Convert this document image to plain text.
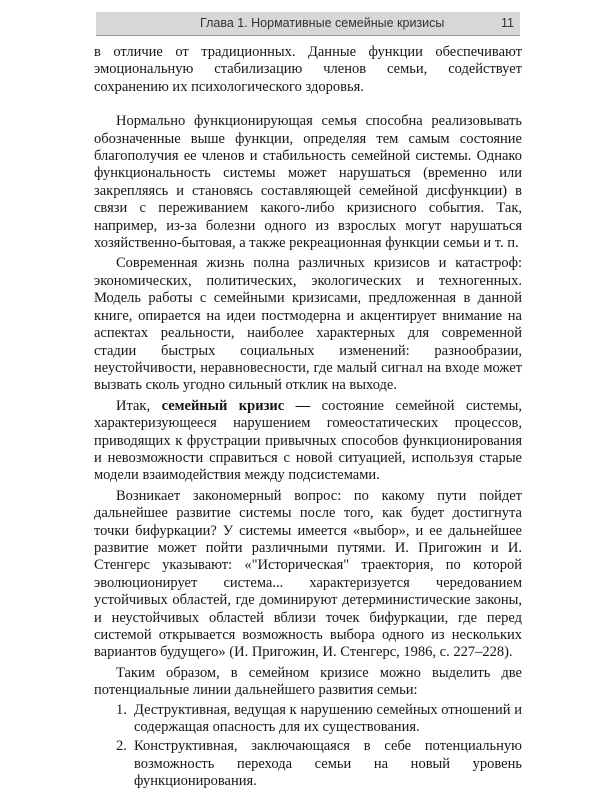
Глава 1. Нормативные семейные кризисы	11

в отличие от традиционных. Данные функции обеспечивают эмоциональную стабилизацию членов семьи, содействует сохранению их психологического здоровья.

Нормально функционирующая семья способна реализовывать обозначенные выше функции, определяя тем самым состояние благополучия ее членов и стабильность семейной системы. Однако функциональность системы может нарушаться (временно или закрепляясь и становясь составляющей семейной дисфункции) в связи с переживанием какого-либо кризисного события. Так, например, из-за болезни одного из взрослых могут нарушаться хозяйственно-бытовая, а также рекреационная функции семьи и т. п.

Современная жизнь полна различных кризисов и катастроф: экономических, политических, экологических и техногенных. Модель работы с семейными кризисами, предложенная в данной книге, опирается на идеи постмодерна и акцентирует внимание на аспектах реальности, наиболее характерных для современной стадии быстрых социальных изменений: разнообразии, неустойчивости, неравновесности, где малый сигнал на входе может вызвать сколь угодно сильный отклик на выходе.

Итак, семейный кризис — состояние семейной системы, характеризующееся нарушением гомеостатических процессов, приводящих к фрустрации привычных способов функционирования и невозможности справиться с новой ситуацией, используя старые модели взаимодействия между подсистемами.

Возникает закономерный вопрос: по какому пути пойдет дальнейшее развитие системы после того, как будет достигнута точки бифуркации? У системы имеется «выбор», и ее дальнейшее развитие может пойти различными путями. И. Пригожин и И. Стенгерс указывают: «"Историческая" траектория, по которой эволюционирует система... характеризуется чередованием устойчивых областей, где доминируют детерминистические законы, и неустойчивых областей вблизи точек бифуркации, где перед системой открывается возможность выбора одного из нескольких вариантов будущего» (И. Пригожин, И. Стенгерс, 1986, с. 227–228).

Таким образом, в семейном кризисе можно выделить две потенциальные линии дальнейшего развития семьи:

1. Деструктивная, ведущая к нарушению семейных отношений и содержащая опасность для их существования.
2. Конструктивная, заключающаяся в себе потенциальную возможность перехода семьи на новый уровень функционирования.
